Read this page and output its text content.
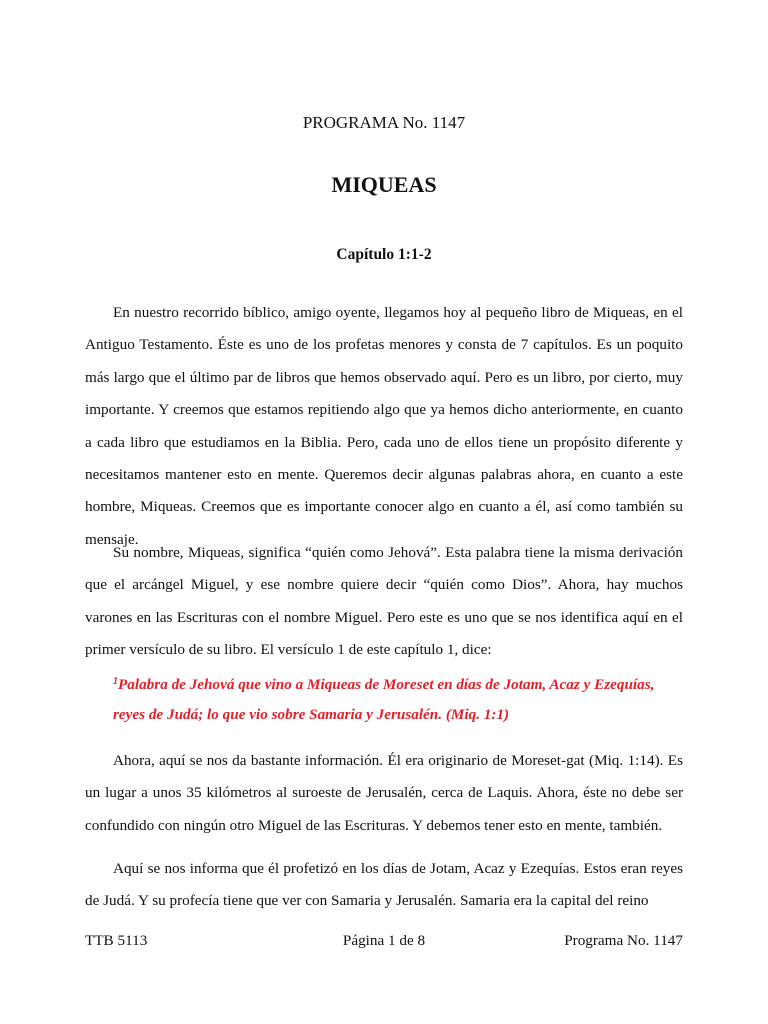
PROGRAMA No. 1147
MIQUEAS
Capítulo 1:1-2

En nuestro recorrido bíblico, amigo oyente, llegamos hoy al pequeño libro de Miqueas, en el Antiguo Testamento. Éste es uno de los profetas menores y consta de 7 capítulos. Es un poquito más largo que el último par de libros que hemos observado aquí. Pero es un libro, por cierto, muy importante. Y creemos que estamos repitiendo algo que ya hemos dicho anteriormente, en cuanto a cada libro que estudiamos en la Biblia. Pero, cada uno de ellos tiene un propósito diferente y necesitamos mantener esto en mente. Queremos decir algunas palabras ahora, en cuanto a este hombre, Miqueas. Creemos que es importante conocer algo en cuanto a él, así como también su mensaje.

Su nombre, Miqueas, significa “quién como Jehová”. Esta palabra tiene la misma derivación que el arcángel Miguel, y ese nombre quiere decir “quién como Dios”. Ahora, hay muchos varones en las Escrituras con el nombre Miguel. Pero este es uno que se nos identifica aquí en el primer versículo de su libro. El versículo 1 de este capítulo 1, dice:

$^1$Palabra de Jehová que vino a Miqueas de Moreset en días de Jotam, Acaz y Ezequías, reyes de Judá; lo que vio sobre Samaria y Jerusalén. (Miq. 1:1)

Ahora, aquí se nos da bastante información. Él era originario de Moreset-gat (Miq. 1:14). Es un lugar a unos 35 kilómetros al suroeste de Jerusalén, cerca de Laquis. Ahora, éste no debe ser confundido con ningún otro Miguel de las Escrituras. Y debemos tener esto en mente, también.

Aquí se nos informa que él profetizó en los días de Jotam, Acaz y Ezequías. Estos eran reyes de Judá. Y su profecía tiene que ver con Samaria y Jerusalén. Samaria era la capital del reino

TTB 5113	Página 1 de 8	Programa No. 1147
